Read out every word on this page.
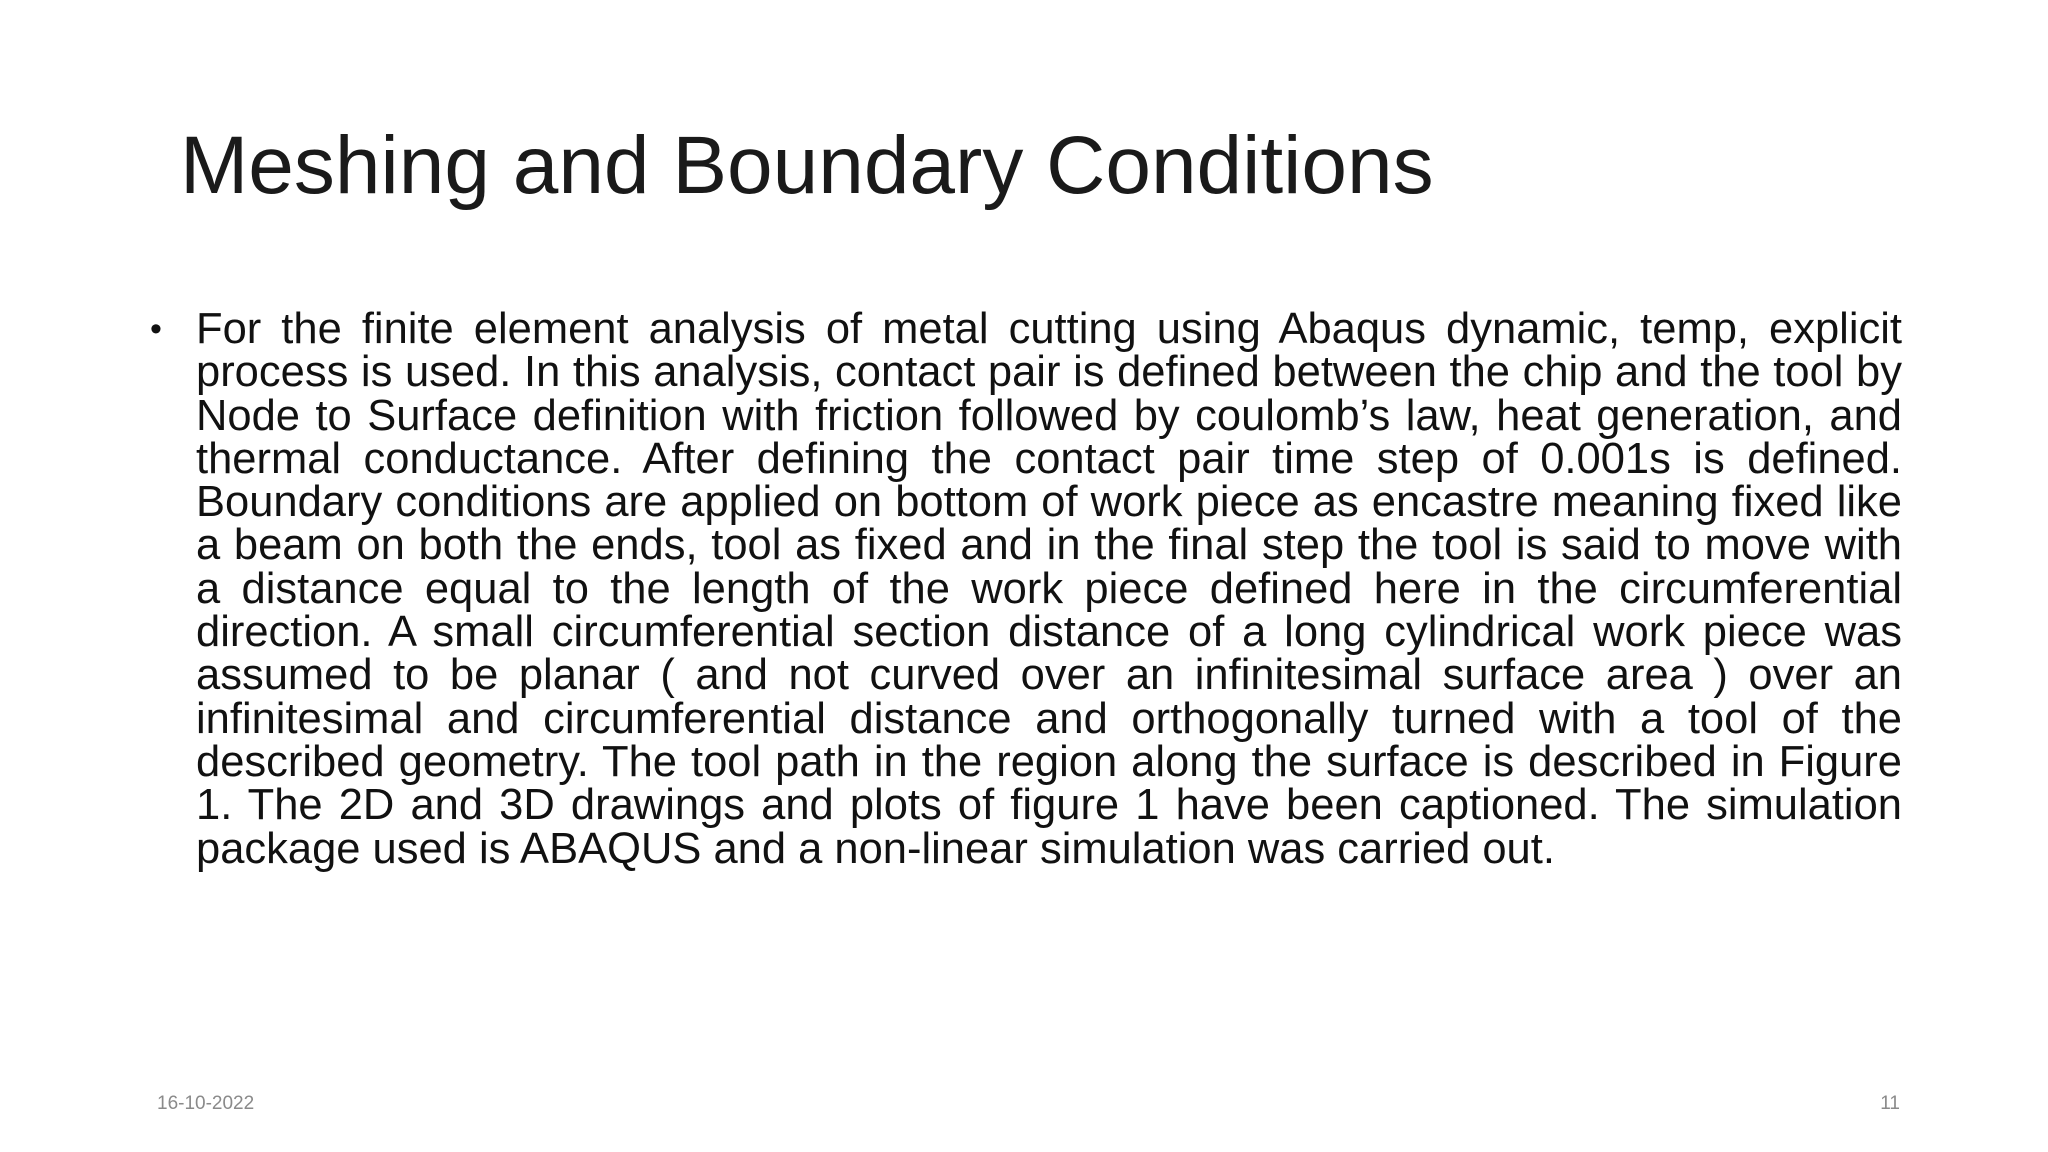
Meshing and Boundary Conditions
• For the finite element analysis of metal cutting using Abaqus dynamic, temp, explicit process is used. In this analysis, contact pair is defined between the chip and the tool by Node to Surface definition with friction followed by coulomb’s law, heat generation, and thermal conductance. After defining the contact pair time step of 0.001s is defined. Boundary conditions are applied on bottom of work piece as encastre meaning fixed like a beam on both the ends, tool as fixed and in the final step the tool is said to move with a distance equal to the length of the work piece defined here in the circumferential direction. A small circumferential section distance of a long cylindrical work piece was assumed to be planar ( and not curved over an infinitesimal surface area ) over an infinitesimal and circumferential distance and orthogonally turned with a tool of the described geometry. The tool path in the region along the surface is described in Figure 1. The 2D and 3D drawings and plots of figure 1 have been captioned. The simulation package used is ABAQUS and a non-linear simulation was carried out.

16-10-2022	11
